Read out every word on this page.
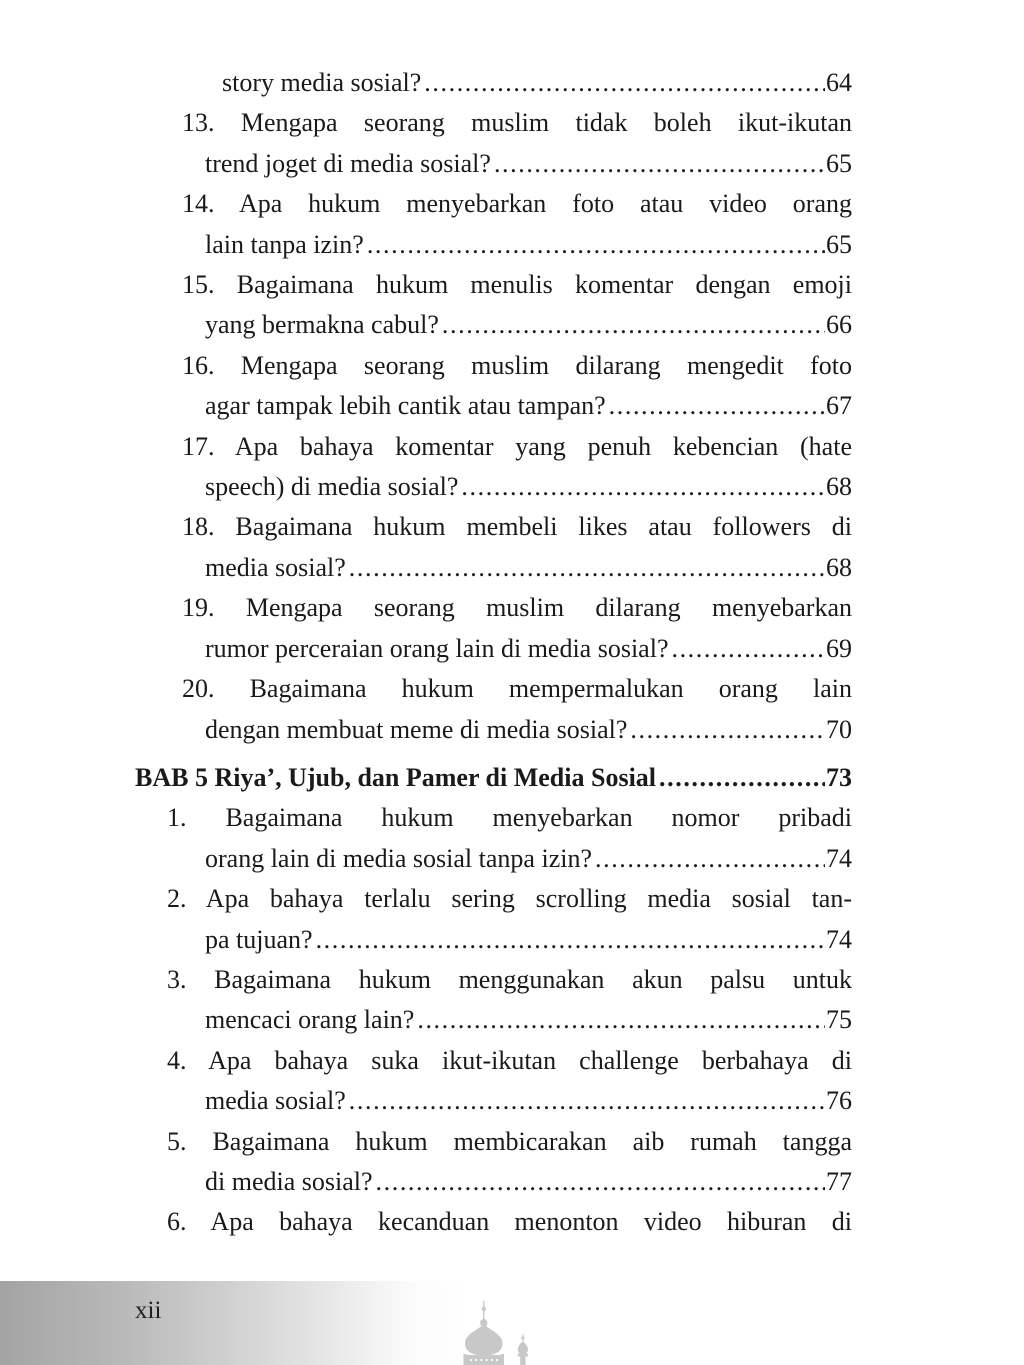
story media sosial? .....	64
13. Mengapa seorang muslim tidak boleh ikut-ikutan
trend joget di media sosial? .....	65
14. Apa hukum menyebarkan foto atau video orang
lain tanpa izin? .....	65
15. Bagaimana hukum menulis komentar dengan emoji
yang bermakna cabul? .....	66
16. Mengapa seorang muslim dilarang mengedit foto
agar tampak lebih cantik atau tampan? .....	67
17. Apa bahaya komentar yang penuh kebencian (hate
speech) di media sosial? .....	68
18. Bagaimana hukum membeli likes atau followers di
media sosial? .....	68
19. Mengapa seorang muslim dilarang menyebarkan
rumor perceraian orang lain di media sosial? .....	69
20. Bagaimana hukum mempermalukan orang lain
dengan membuat meme di media sosial? .....	70
BAB 5 Riya’, Ujub, dan Pamer di Media Sosial .....	73
1. Bagaimana hukum menyebarkan nomor pribadi
orang lain di media sosial tanpa izin? .....	74
2. Apa bahaya terlalu sering scrolling media sosial tan-
pa tujuan? .....	74
3. Bagaimana hukum menggunakan akun palsu untuk
mencaci orang lain? .....	75
4. Apa bahaya suka ikut-ikutan challenge berbahaya di
media sosial? .....	76
5. Bagaimana hukum membicarakan aib rumah tangga
di media sosial? .....	77
6. Apa bahaya kecanduan menonton video hiburan di
xii
